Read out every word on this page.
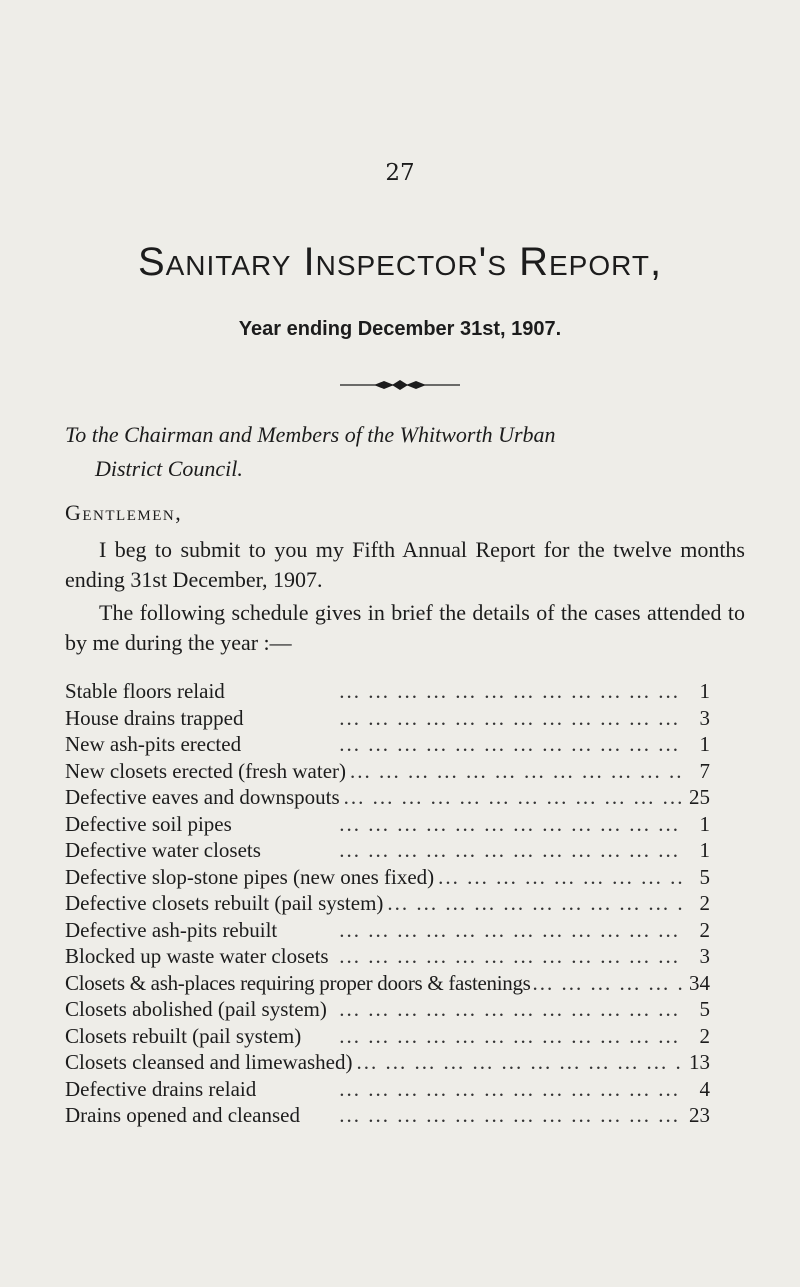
27
Sanitary Inspector's Report,
Year ending December 31st, 1907.
To the Chairman and Members of the Whitworth Urban
District Council.
Gentlemen,
I beg to submit to you my Fifth Annual Report for the twelve months ending 31st December, 1907.
The following schedule gives in brief the details of the cases attended to by me during the year :—
Stable floors relaid ...	1
House drains trapped ...	3
New ash-pits erected ...	1
New closets erected (fresh water) ...	7
Defective eaves and downspouts ...	25
Defective soil pipes ...	1
Defective water closets ...	1
Defective slop-stone pipes (new ones fixed) ...	5
Defective closets rebuilt (pail system) ...	2
Defective ash-pits rebuilt ...	2
Blocked up waste water closets ...	3
Closets & ash-places requiring proper doors & fastenings ...	34
Closets abolished (pail system) ...	5
Closets rebuilt (pail system) ...	2
Closets cleansed and limewashed) ...	13
Defective drains relaid ...	4
Drains opened and cleansed ...	23
